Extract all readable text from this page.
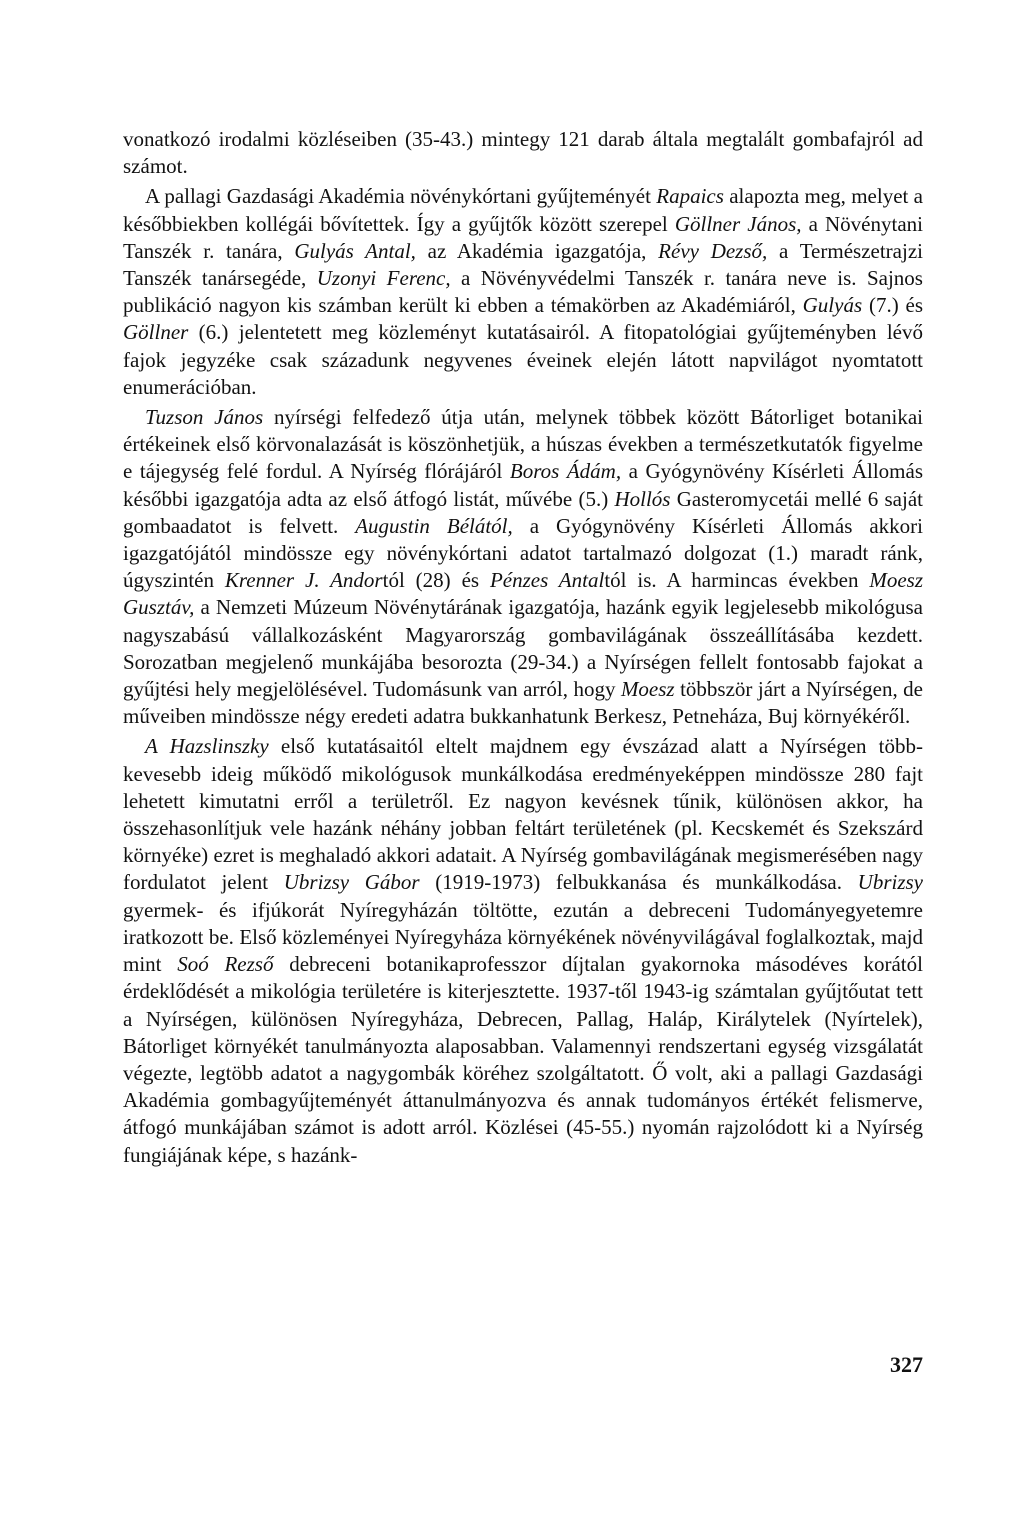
vonatkozó irodalmi közléseiben (35-43.) mintegy 121 darab általa megtalált gombafajról ad számot.

A pallagi Gazdasági Akadémia növénykórtani gyűjteményét Rapaics alapozta meg, melyet a későbbiekben kollégái bővítettek. Így a gyűjtők között szerepel Göllner János, a Növénytani Tanszék r. tanára, Gulyás Antal, az Akadémia igazgatója, Révy Dezső, a Természetrajzi Tanszék tanársegéde, Uzonyi Ferenc, a Növényvédelmi Tanszék r. tanára neve is. Sajnos publikáció nagyon kis számban került ki ebben a témakörben az Akadémiáról, Gulyás (7.) és Göllner (6.) jelentetett meg közleményt kutatásairól. A fitopatológiai gyűjteményben lévő fajok jegyzéke csak századunk negyvenes éveinek elején látott napvilágot nyomtatott enumerációban.

Tuzson János nyírségi felfedező útja után, melynek többek között Bátorliget botanikai értékeinek első körvonalazását is köszönhetjük, a húszas években a természetkutatók figyelme e tájegység felé fordul. A Nyírség flórájáról Boros Ádám, a Gyógynövény Kísérleti Állomás későbbi igazgatója adta az első átfogó listát, művébe (5.) Hollós Gasteromycetái mellé 6 saját gombaadatot is felvett. Augustin Bélától, a Gyógynövény Kísérleti Állomás akkori igazgatójától mindössze egy növénykórtani adatot tartalmazó dolgozat (1.) maradt ránk, úgyszintén Krenner J. Andortól (28) és Pénzes Antaltól is. A harmincas években Moesz Gusztáv, a Nemzeti Múzeum Növénytárának igazgatója, hazánk egyik legjelesebb mikológusa nagyszabású vállalkozásként Magyarország gombavilágának összeállításába kezdett. Sorozatban megjelenő munkájába besorozta (29-34.) a Nyírségen fellelt fontosabb fajokat a gyűjtési hely megjelölésével. Tudomásunk van arról, hogy Moesz többször járt a Nyírségen, de műveiben mindössze négy eredeti adatra bukkanhatunk Berkesz, Petneháza, Buj környékéről.

A Hazslinszky első kutatásaitól eltelt majdnem egy évszázad alatt a Nyírségen több-kevesebb ideig működő mikológusok munkálkodása eredményeképpen mindössze 280 fajt lehetett kimutatni erről a területről. Ez nagyon kevésnek tűnik, különösen akkor, ha összehasonlítjuk vele hazánk néhány jobban feltárt területének (pl. Kecskemét és Szekszárd környéke) ezret is meghaladó akkori adatait. A Nyírség gombavilágának megismerésében nagy fordulatot jelent Ubrizsy Gábor (1919-1973) felbukkanása és munkálkodása. Ubrizsy gyermek- és ifjúkorát Nyíregyházán töltötte, ezután a debreceni Tudományegyetemre iratkozott be. Első közleményei Nyíregyháza környékének növényvilágával foglalkoztak, majd mint Soó Rezső debreceni botanikaprofesszor díjtalan gyakornoka másodéves korától érdeklődését a mikológia területére is kiterjesztette. 1937-től 1943-ig számtalan gyűjtőutat tett a Nyírségen, különösen Nyíregyháza, Debrecen, Pallag, Haláp, Királytelek (Nyírtelek), Bátorliget környékét tanulmányozta alaposabban. Valamennyi rendszertani egység vizsgálatát végezte, legtöbb adatot a nagygombák köréhez szolgáltatott. Ő volt, aki a pallagi Gazdasági Akadémia gombagyűjteményét áttanulmányozva és annak tudományos értékét felismerve, átfogó munkájában számot is adott arról. Közlései (45-55.) nyomán rajzolódott ki a Nyírség fungiájának képe, s hazánk-

327
